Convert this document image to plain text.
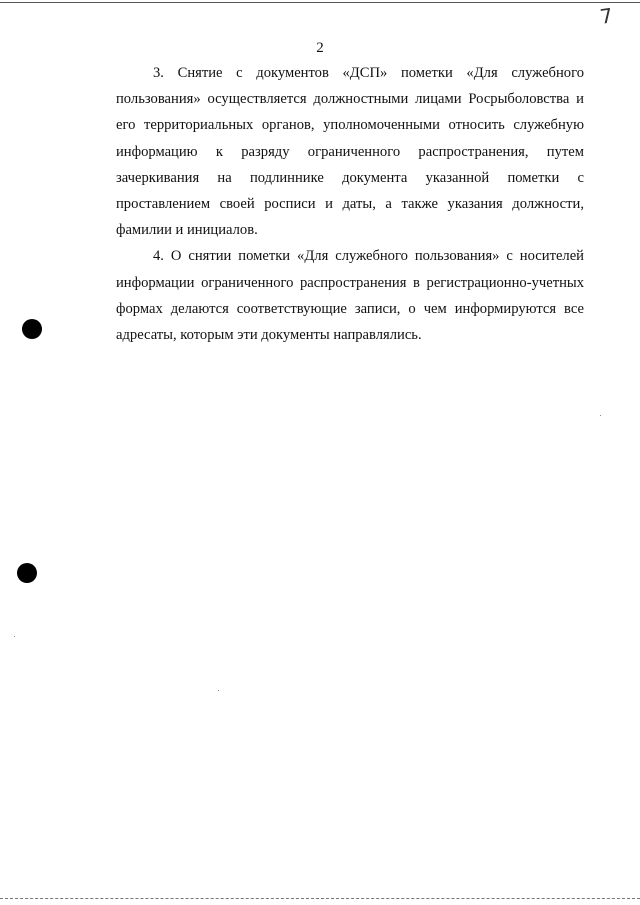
7
2

3. Снятие с документов «ДСП» пометки «Для служебного пользования» осуществляется должностными лицами Росрыболовства и его территориальных органов, уполномоченными относить служебную информацию к разряду ограниченного распространения, путем зачеркивания на подлиннике документа указанной пометки с проставлением своей росписи и даты, а также указания должности, фамилии и инициалов.

4. О снятии пометки «Для служебного пользования» с носителей информации ограниченного распространения в регистрационно-учетных формах делаются соответствующие записи, о чем информируются все адресаты, которым эти документы направлялись.
